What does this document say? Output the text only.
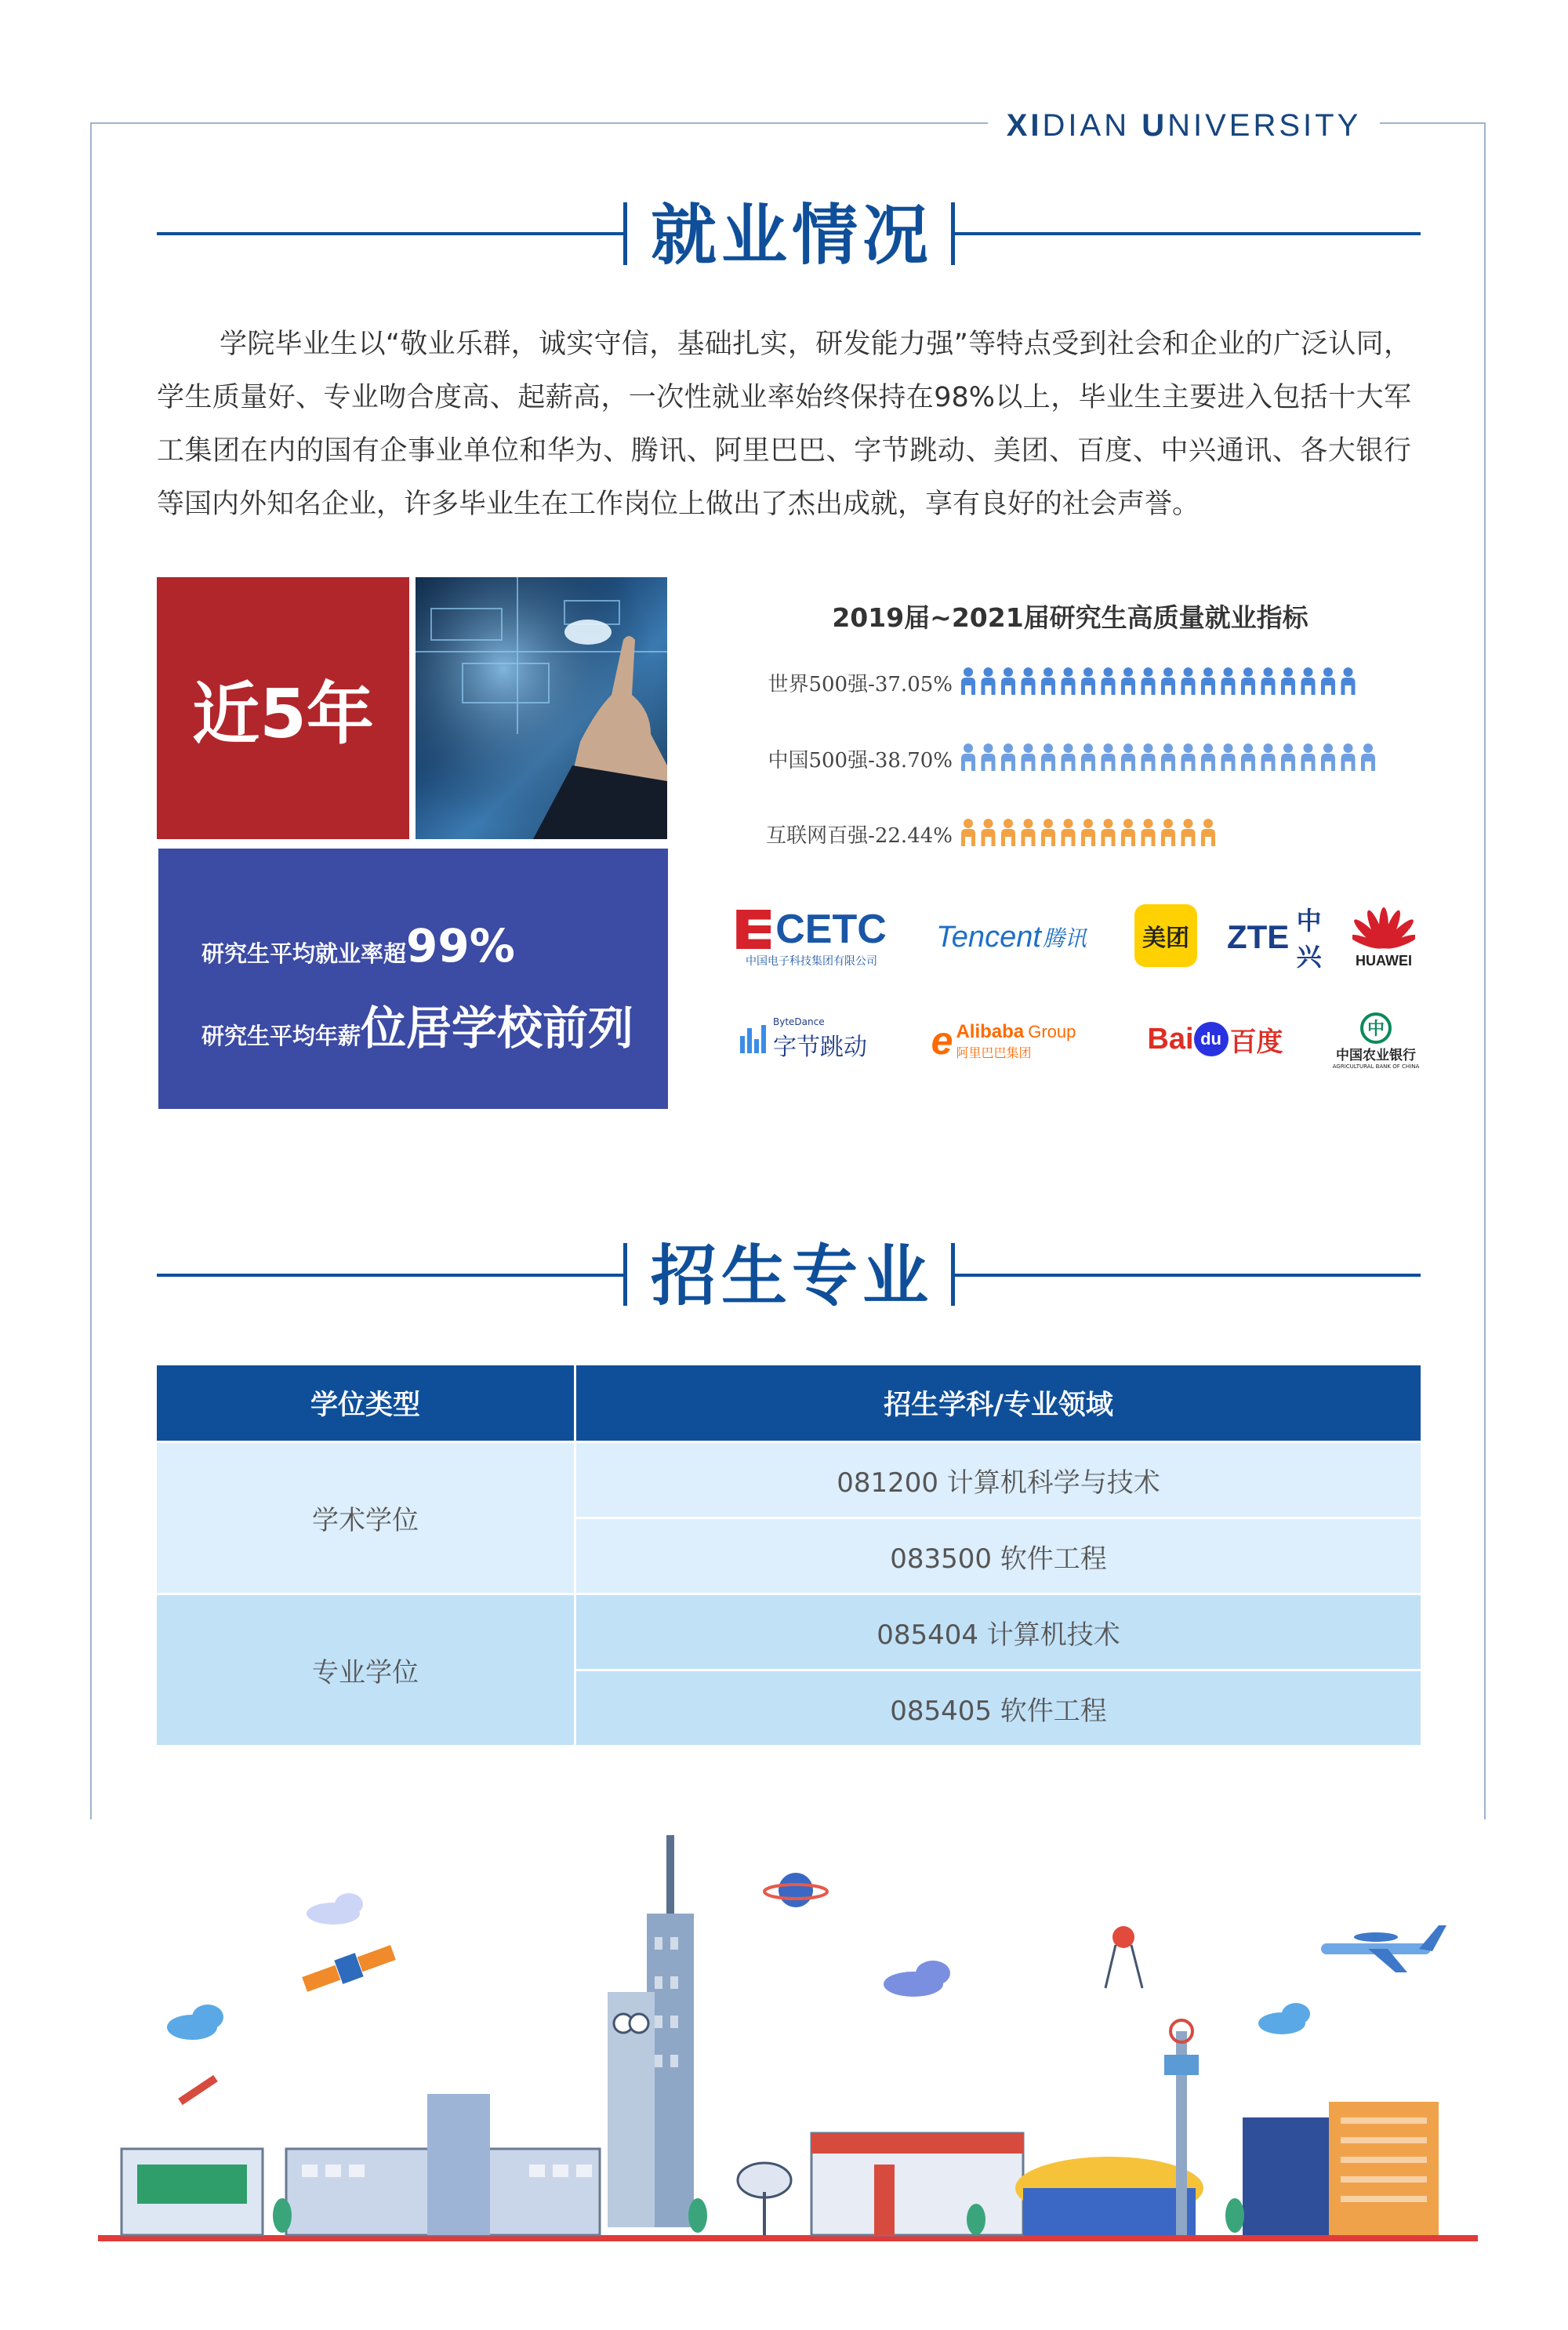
XIDIAN UNIVERSITY
就业情况
学院毕业生以“敬业乐群，诚实守信，基础扎实，研发能力强”等特点受到社会和企业的广泛认同，学生质量好、专业吻合度高、起薪高，一次性就业率始终保持在98%以上，毕业生主要进入包括十大军工集团在内的国有企事业单位和华为、腾讯、阿里巴巴、字节跳动、美团、百度、中兴通讯、各大银行等国内外知名企业，许多毕业生在工作岗位上做出了杰出成就，享有良好的社会声誉。
近5年
研究生平均就业率超99%
研究生平均年薪位居学校前列
2019届~2021届研究生高质量就业指标
世界500强-37.05%
中国500强-38.70%
互联网百强-22.44%
CETC
中国电子科技集团有限公司
Tencent 腾讯 美团 ZTE 中兴	HUAWEI
ByteDance
字节跳动 e Alibaba Group
阿里巴巴集团	Bai du 百度	中
中国农业银行
AGRICULTURAL BANK OF CHINA
招生专业
学位类型	招生学科/专业领域
学术学位	081200 计算机科学与技术
	083500 软件工程
专业学位	085404 计算机技术
	085405 软件工程
